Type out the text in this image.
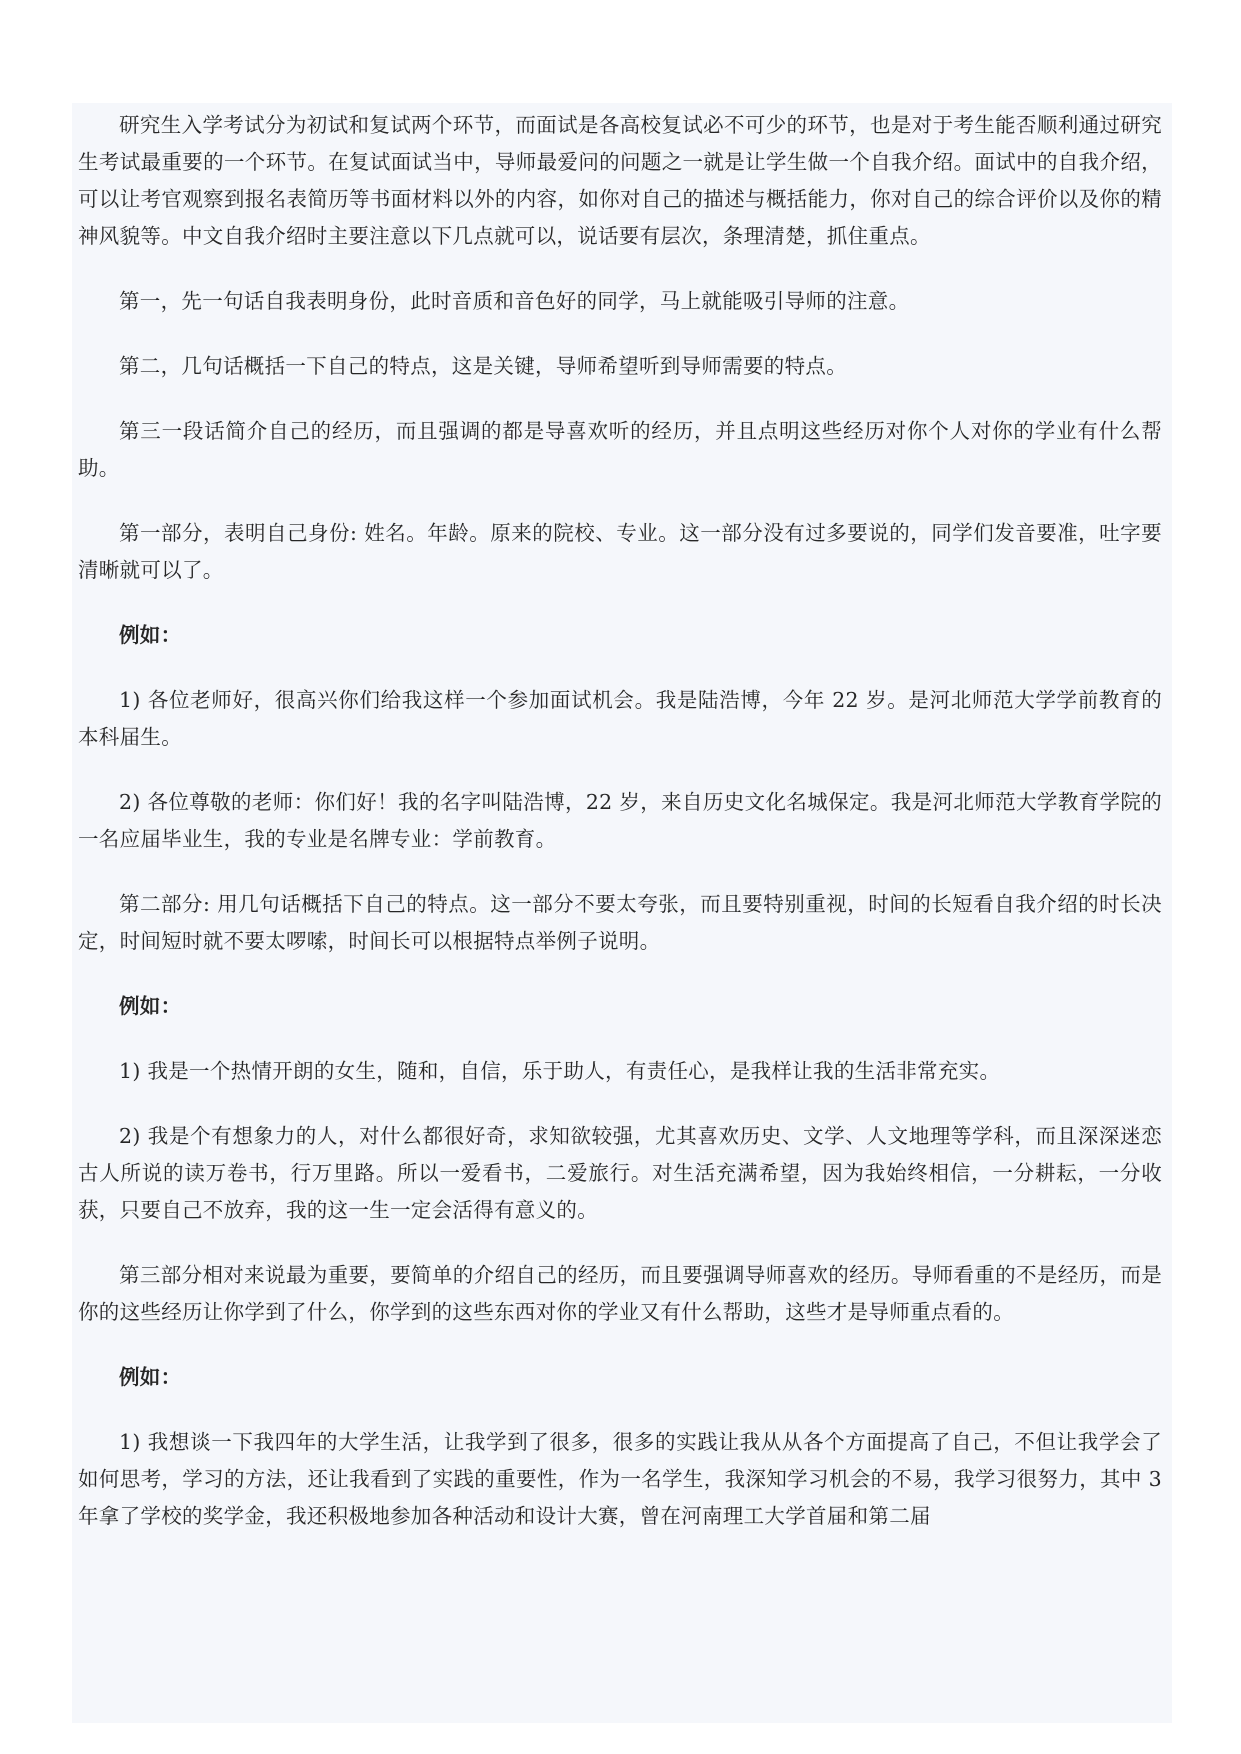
研究生入学考试分为初试和复试两个环节，而面试是各高校复试必不可少的环节，也是对于考生能否顺利通过研究生考试最重要的一个环节。在复试面试当中，导师最爱问的问题之一就是让学生做一个自我介绍。面试中的自我介绍，可以让考官观察到报名表简历等书面材料以外的内容，如你对自己的描述与概括能力，你对自己的综合评价以及你的精神风貌等。中文自我介绍时主要注意以下几点就可以，说话要有层次，条理清楚，抓住重点。

第一，先一句话自我表明身份，此时音质和音色好的同学，马上就能吸引导师的注意。

第二，几句话概括一下自己的特点，这是关键，导师希望听到导师需要的特点。

第三一段话简介自己的经历，而且强调的都是导喜欢听的经历，并且点明这些经历对你个人对你的学业有什么帮助。

第一部分，表明自己身份: 姓名。年龄。原来的院校、专业。这一部分没有过多要说的，同学们发音要准，吐字要清晰就可以了。

例如：

1) 各位老师好，很高兴你们给我这样一个参加面试机会。我是陆浩博，今年 22 岁。是河北师范大学学前教育的本科届生。

2) 各位尊敬的老师：你们好！我的名字叫陆浩博，22 岁，来自历史文化名城保定。我是河北师范大学教育学院的一名应届毕业生，我的专业是名牌专业：学前教育。

第二部分: 用几句话概括下自己的特点。这一部分不要太夸张，而且要特别重视，时间的长短看自我介绍的时长决定，时间短时就不要太啰嗦，时间长可以根据特点举例子说明。

例如：

1) 我是一个热情开朗的女生，随和，自信，乐于助人，有责任心，是我样让我的生活非常充实。

2) 我是个有想象力的人，对什么都很好奇，求知欲较强，尤其喜欢历史、文学、人文地理等学科，而且深深迷恋古人所说的读万卷书，行万里路。所以一爱看书，二爱旅行。对生活充满希望，因为我始终相信，一分耕耘，一分收获，只要自己不放弃，我的这一生一定会活得有意义的。

第三部分相对来说最为重要，要简单的介绍自己的经历，而且要强调导师喜欢的经历。导师看重的不是经历，而是你的这些经历让你学到了什么，你学到的这些东西对你的学业又有什么帮助，这些才是导师重点看的。

例如：

1) 我想谈一下我四年的大学生活，让我学到了很多，很多的实践让我从从各个方面提高了自己，不但让我学会了如何思考，学习的方法，还让我看到了实践的重要性，作为一名学生，我深知学习机会的不易，我学习很努力，其中 3 年拿了学校的奖学金，我还积极地参加各种活动和设计大赛，曾在河南理工大学首届和第二届
